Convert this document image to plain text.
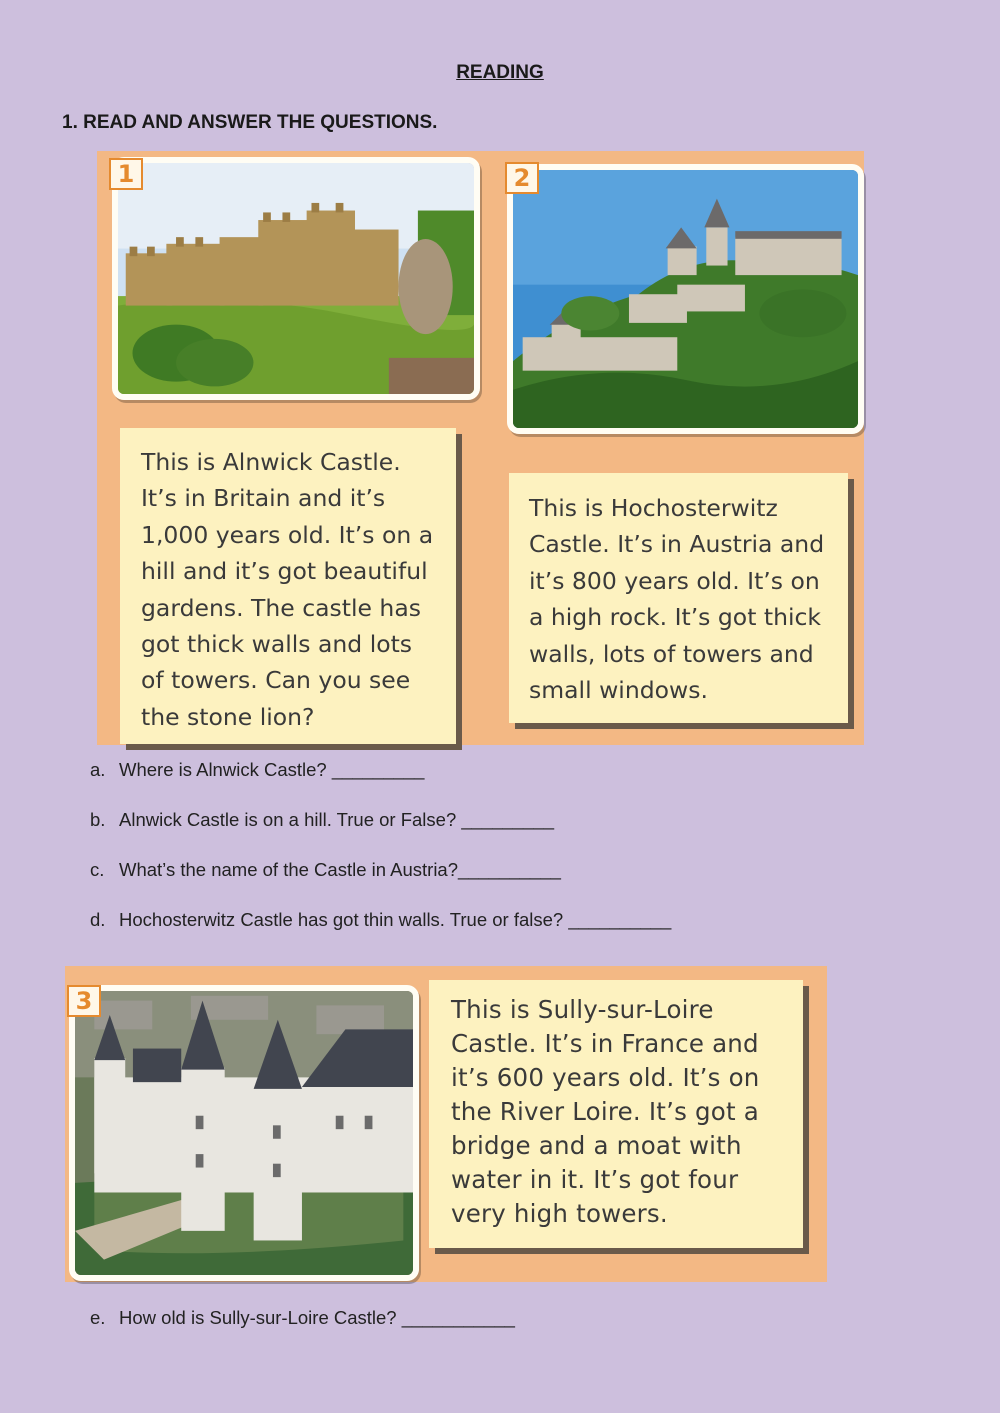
READING
1. READ AND ANSWER THE QUESTIONS.
1	2
This is Alnwick Castle.
It’s in Britain and it’s
1,000 years old. It’s on a
hill and it’s got beautiful
gardens. The castle has
got thick walls and lots
of towers. Can you see
the stone lion?
This is Hochosterwitz
Castle. It’s in Austria and
it’s 800 years old. It’s on
a high rock. It’s got thick
walls, lots of towers and
small windows.
a. Where is Alnwick Castle? _________
b. Alnwick Castle is on a hill. True or False? _________
c. What’s the name of the Castle in Austria?__________
d. Hochosterwitz Castle has got thin walls. True or false? __________
3	This is Sully-sur-Loire
Castle. It’s in France and
it’s 600 years old. It’s on
the River Loire. It’s got a
bridge and a moat with
water in it. It’s got four
very high towers.
e. How old is Sully-sur-Loire Castle? ___________
